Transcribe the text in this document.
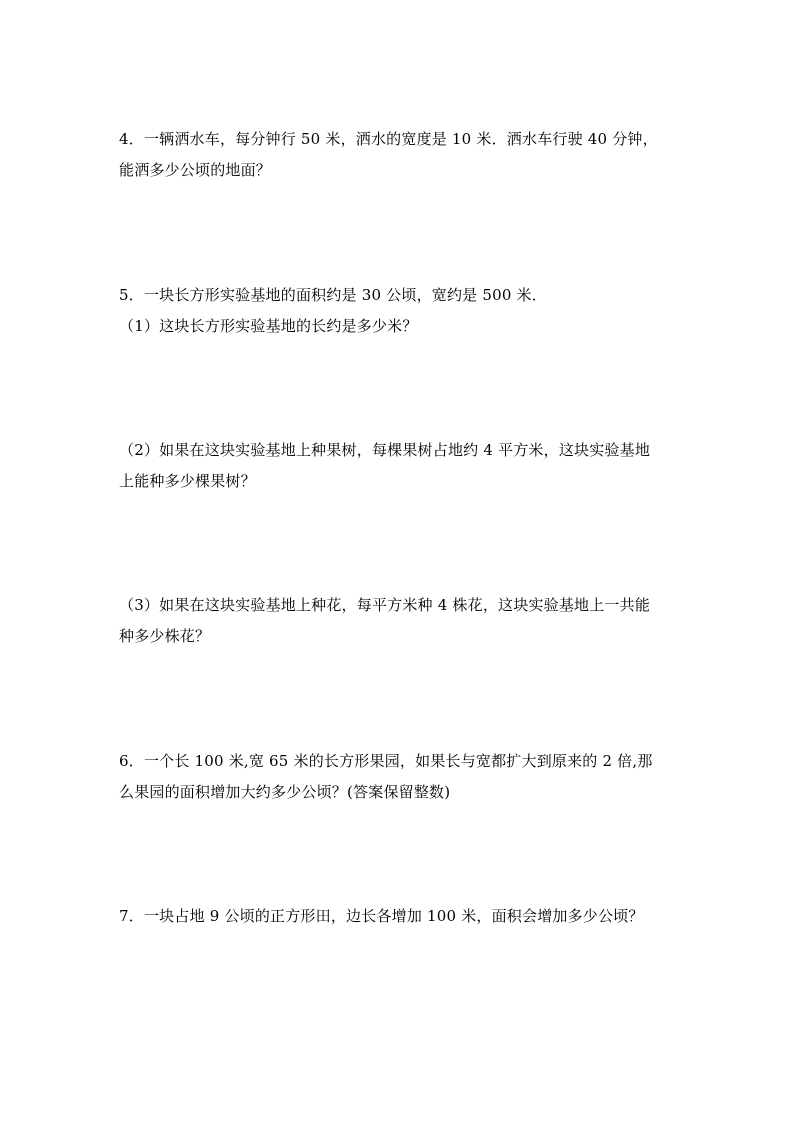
4．一辆洒水车，每分钟行 50 米，洒水的宽度是 10 米．洒水车行驶 40 分钟，
能洒多少公顷的地面？
5．一块长方形实验基地的面积约是 30 公顷，宽约是 500 米．
（1）这块长方形实验基地的长约是多少米？
（2）如果在这块实验基地上种果树，每棵果树占地约 4 平方米，这块实验基地
上能种多少棵果树？
（3）如果在这块实验基地上种花，每平方米种 4 株花，这块实验基地上一共能
种多少株花？
6．一个长 100 米,宽 65 米的长方形果园，如果长与宽都扩大到原来的 2 倍,那
么果园的面积增加大约多少公顷？(答案保留整数)
7．一块占地 9 公顷的正方形田，边长各增加 100 米，面积会增加多少公顷？
